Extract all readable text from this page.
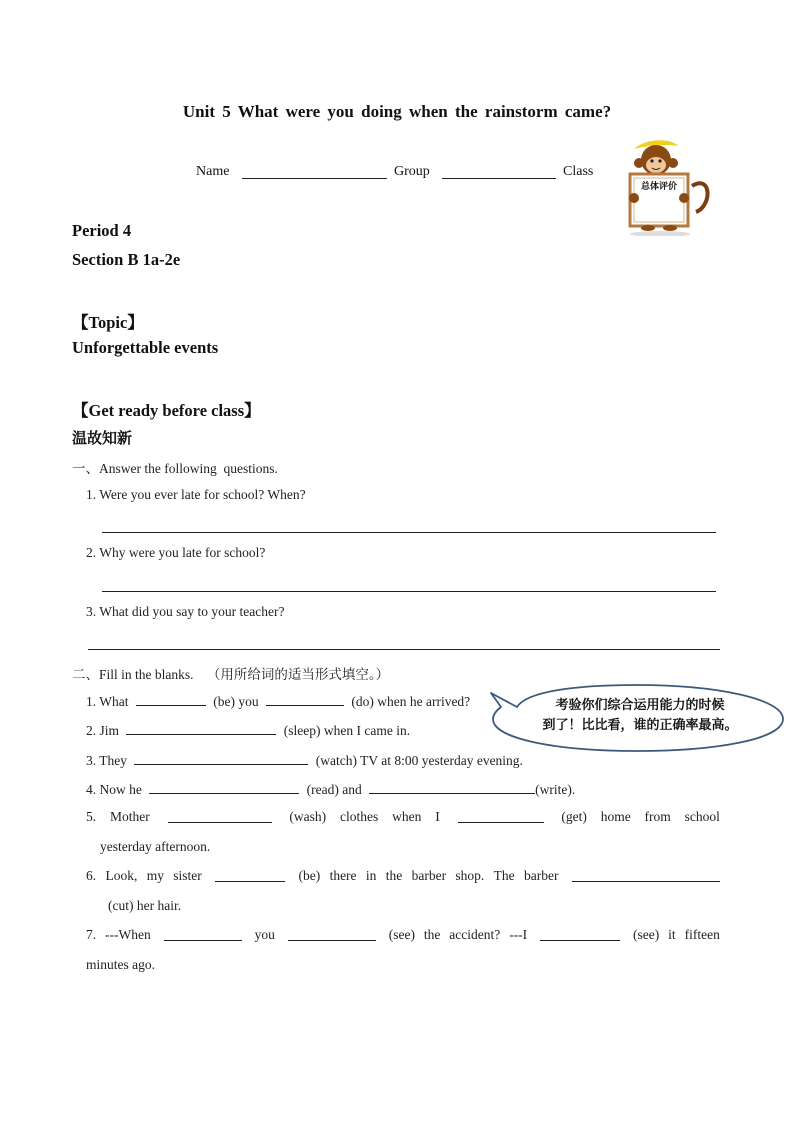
Unit 5 What were you doing when the rainstorm came?
Name	Group	Class
总体评价
Period 4
Section B 1a-2e
【Topic】
Unforgettable events
【Get ready before class】
温故知新
一、Answer the following  questions.
1. Were you ever late for school? When?
2. Why were you late for school?
3. What did you say to your teacher?
二、Fill in the blanks. （用所给词的适当形式填空。）
1. What	(be) you	(do) when he arrived?
2. Jim	(sleep) when I came in.
3. They	(watch) TV at 8:00 yesterday evening.
4. Now he	(read) and	(write).
5. Mother	(wash) clothes when I	(get) home from school
yesterday afternoon.
6. Look, my sister	(be) there in the barber shop. The barber
(cut) her hair.
7. ---When	you	(see) the accident? ---I	(see) it fifteen
minutes ago.
考验你们综合运用能力的时候
到了！比比看，谁的正确率最高。
